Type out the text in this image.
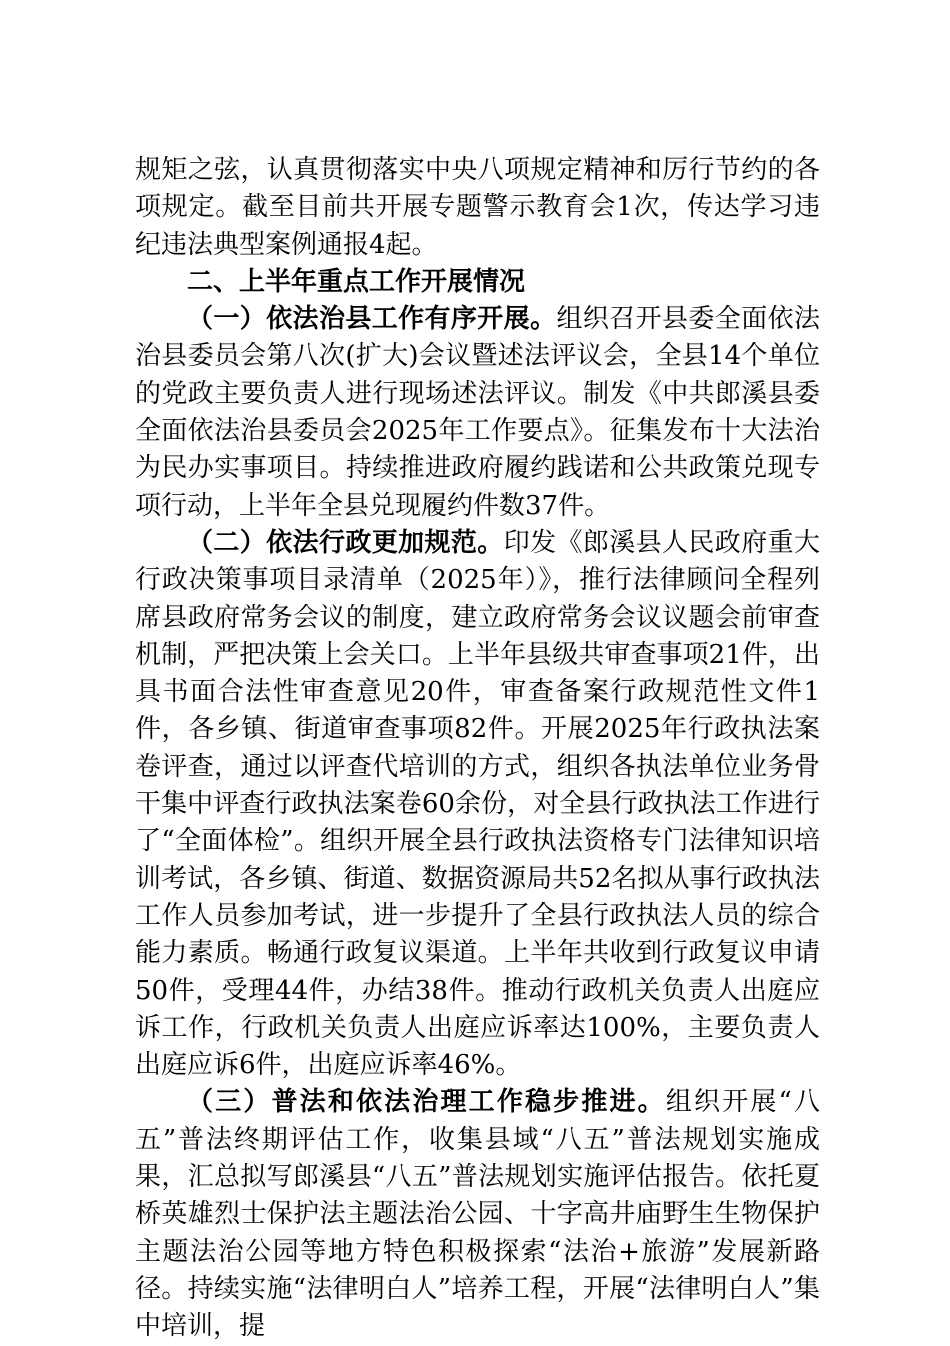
规矩之弦，认真贯彻落实中央八项规定精神和厉行节约的各项规定。截至目前共开展专题警示教育会1次，传达学习违纪违法典型案例通报4起。

二、上半年重点工作开展情况

（一）依法治县工作有序开展。组织召开县委全面依法治县委员会第八次(扩大)会议暨述法评议会，全县14个单位的党政主要负责人进行现场述法评议。制发《中共郎溪县委全面依法治县委员会2025年工作要点》。征集发布十大法治为民办实事项目。持续推进政府履约践诺和公共政策兑现专项行动，上半年全县兑现履约件数37件。

（二）依法行政更加规范。印发《郎溪县人民政府重大行政决策事项目录清单（2025年）》，推行法律顾问全程列席县政府常务会议的制度，建立政府常务会议议题会前审查机制，严把决策上会关口。上半年县级共审查事项21件，出具书面合法性审查意见20件，审查备案行政规范性文件1件，各乡镇、街道审查事项82件。开展2025年行政执法案卷评查，通过以评查代培训的方式，组织各执法单位业务骨干集中评查行政执法案卷60余份，对全县行政执法工作进行了“全面体检”。组织开展全县行政执法资格专门法律知识培训考试，各乡镇、街道、数据资源局共52名拟从事行政执法工作人员参加考试，进一步提升了全县行政执法人员的综合能力素质。畅通行政复议渠道。上半年共收到行政复议申请50件，受理44件，办结38件。推动行政机关负责人出庭应诉工作，行政机关负责人出庭应诉率达100%，主要负责人出庭应诉6件，出庭应诉率46%。

（三）普法和依法治理工作稳步推进。组织开展“八五”普法终期评估工作，收集县域“八五”普法规划实施成果，汇总拟写郎溪县“八五”普法规划实施评估报告。依托夏桥英雄烈士保护法主题法治公园、十字高井庙野生生物保护主题法治公园等地方特色积极探索“法治+旅游”发展新路径。持续实施“法律明白人”培养工程，开展“法律明白人”集中培训，提
